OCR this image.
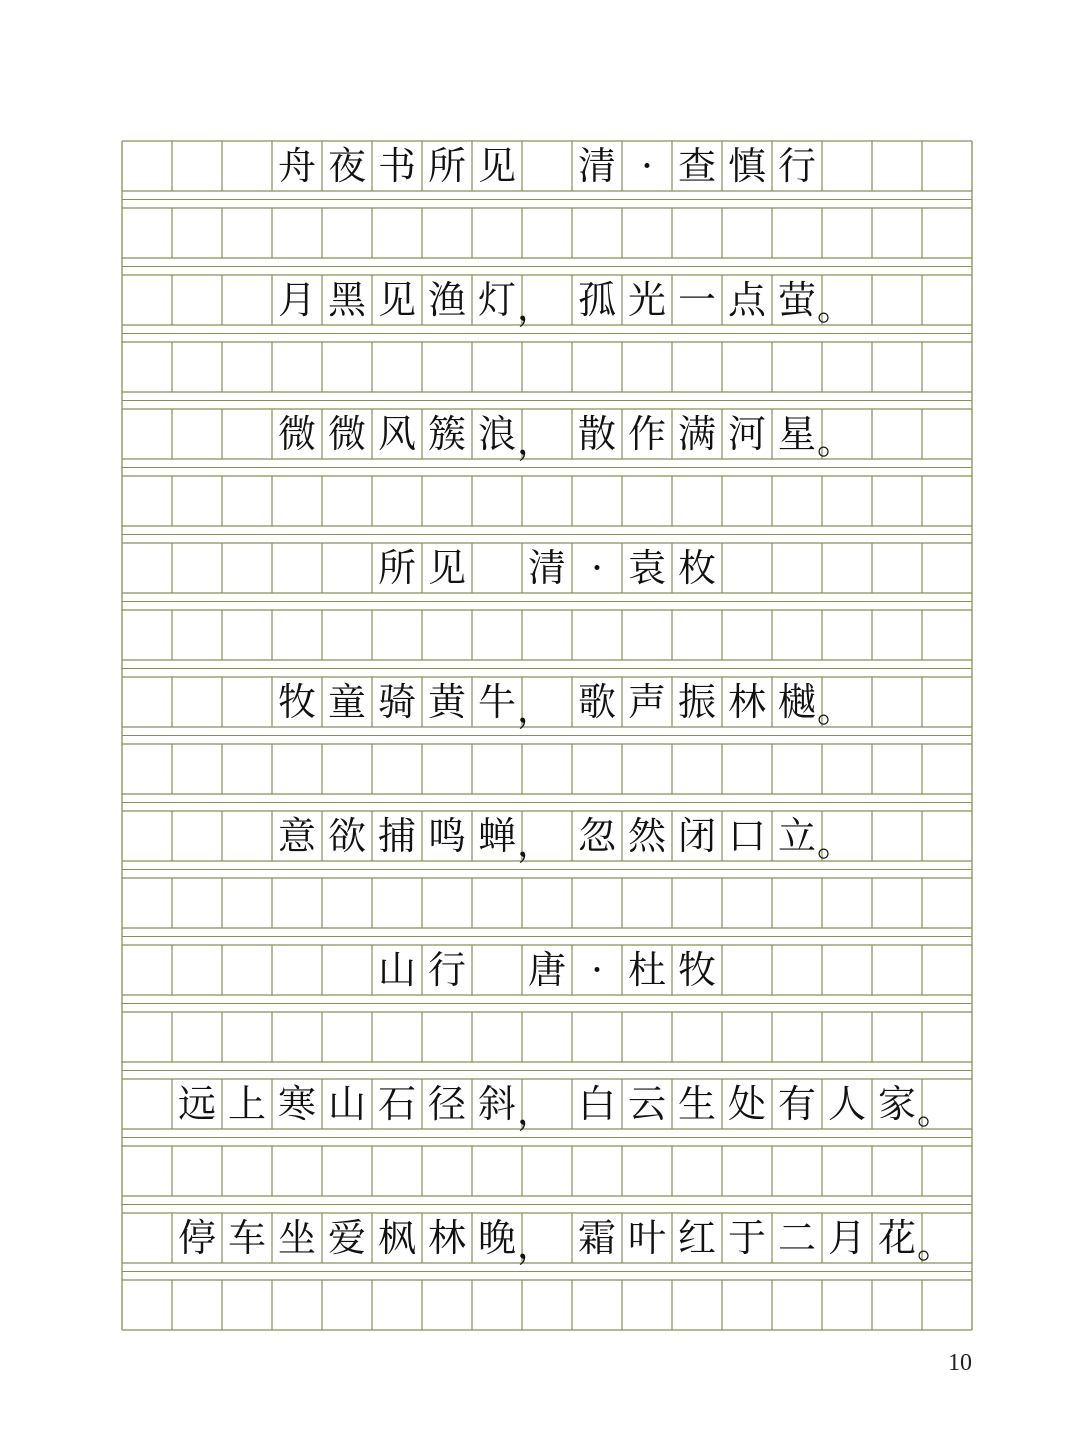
舟 夜 书 所 见 清 · 查 慎 行
月 黑 见 渔 灯 ， 孤 光 一 点 萤 。
微 微 风 簇 浪 ， 散 作 满 河 星 。
所 见 清 · 袁 枚
牧 童 骑 黄 牛 ， 歌 声 振 林 樾 。
意 欲 捕 鸣 蝉 ， 忽 然 闭 口 立 。
山 行 唐 · 杜 牧
远 上 寒 山 石 径 斜 ， 白 云 生 处 有 人 家 。
停 车 坐 爱 枫 林 晚 ， 霜 叶 红 于 二 月 花 。
10
